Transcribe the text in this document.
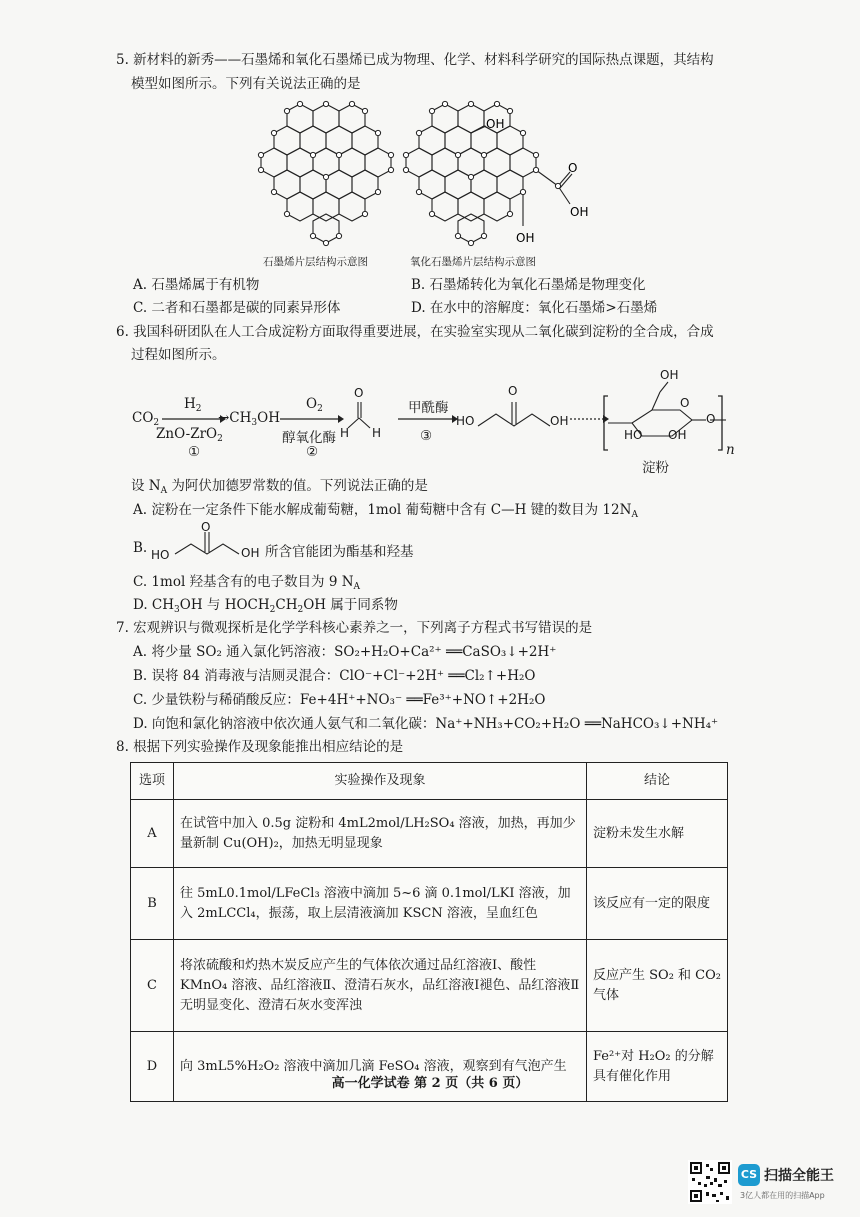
5. 新材料的新秀——石墨烯和氧化石墨烯已成为物理、化学、材料科学研究的国际热点课题，其结构
模型如图所示。下列有关说法正确的是
OH
OH
O
OH
石墨烯片层结构示意图	氧化石墨烯片层结构示意图
A. 石墨烯属于有机物	B. 石墨烯转化为氧化石墨烯是物理变化
C. 二者和石墨都是碳的同素异形体	D. 在水中的溶解度：氧化石墨烯>石墨烯
6. 我国科研团队在人工合成淀粉方面取得重要进展，在实验室实现从二氧化碳到淀粉的全合成，合成
过程如图所示。
$CO_2$
$H_2$
ZnO-ZrO$_2$
①
$\to CH_3OH$
$O_2$
醇氧化酶
②
O
H H
甲酰酶
③
HO
O
OH
OH
O
HO OH
O
n
淀粉
设 $N_A$ 为阿伏加德罗常数的值。下列说法正确的是
A. 淀粉在一定条件下能水解成葡萄糖，1mol 葡萄糖中含有 C—H 键的数目为 $12N_A$
B. HO
O
OH 所含官能团为酯基和羟基
C. 1mol 羟基含有的电子数目为 9 $N_A$
D. $CH_3OH$ 与 $HOCH_2CH_2OH$ 属于同系物
7. 宏观辨识与微观探析是化学学科核心素养之一，下列离子方程式书写错误的是
A. 将少量 SO₂ 通入氯化钙溶液：SO₂+H₂O+Ca²⁺ ══CaSO₃↓+2H⁺
B. 误将 84 消毒液与洁厕灵混合：ClO⁻+Cl⁻+2H⁺ ══Cl₂↑+H₂O
C. 少量铁粉与稀硝酸反应：Fe+4H⁺+NO₃⁻ ══Fe³⁺+NO↑+2H₂O
D. 向饱和氯化钠溶液中依次通人氨气和二氧化碳：Na⁺+NH₃+CO₂+H₂O ══NaHCO₃↓+NH₄⁺
8. 根据下列实验操作及现象能推出相应结论的是
选项	实验操作及现象	结论
A	在试管中加入 0.5g 淀粉和 4mL2mol/LH₂SO₄ 溶液，加热，再加少量新制 Cu(OH)₂，加热无明显现象	淀粉未发生水解
B	往 5mL0.1mol/LFeCl₃ 溶液中滴加 5~6 滴 0.1mol/LKI 溶液，加入 2mLCCl₄，振荡，取上层清液滴加 KSCN 溶液，呈血红色	该反应有一定的限度
C	将浓硫酸和灼热木炭反应产生的气体依次通过品红溶液Ⅰ、酸性 KMnO₄ 溶液、品红溶液Ⅱ、澄清石灰水，品红溶液Ⅰ褪色、品红溶液Ⅱ无明显变化、澄清石灰水变浑浊	反应产生 SO₂ 和 CO₂ 气体
D	向 3mL5%H₂O₂ 溶液中滴加几滴 FeSO₄ 溶液，观察到有气泡产生	Fe²⁺对 H₂O₂ 的分解具有催化作用
高一化学试卷 第 2 页（共 6 页）
CS 扫描全能王
3亿人都在用的扫描App
